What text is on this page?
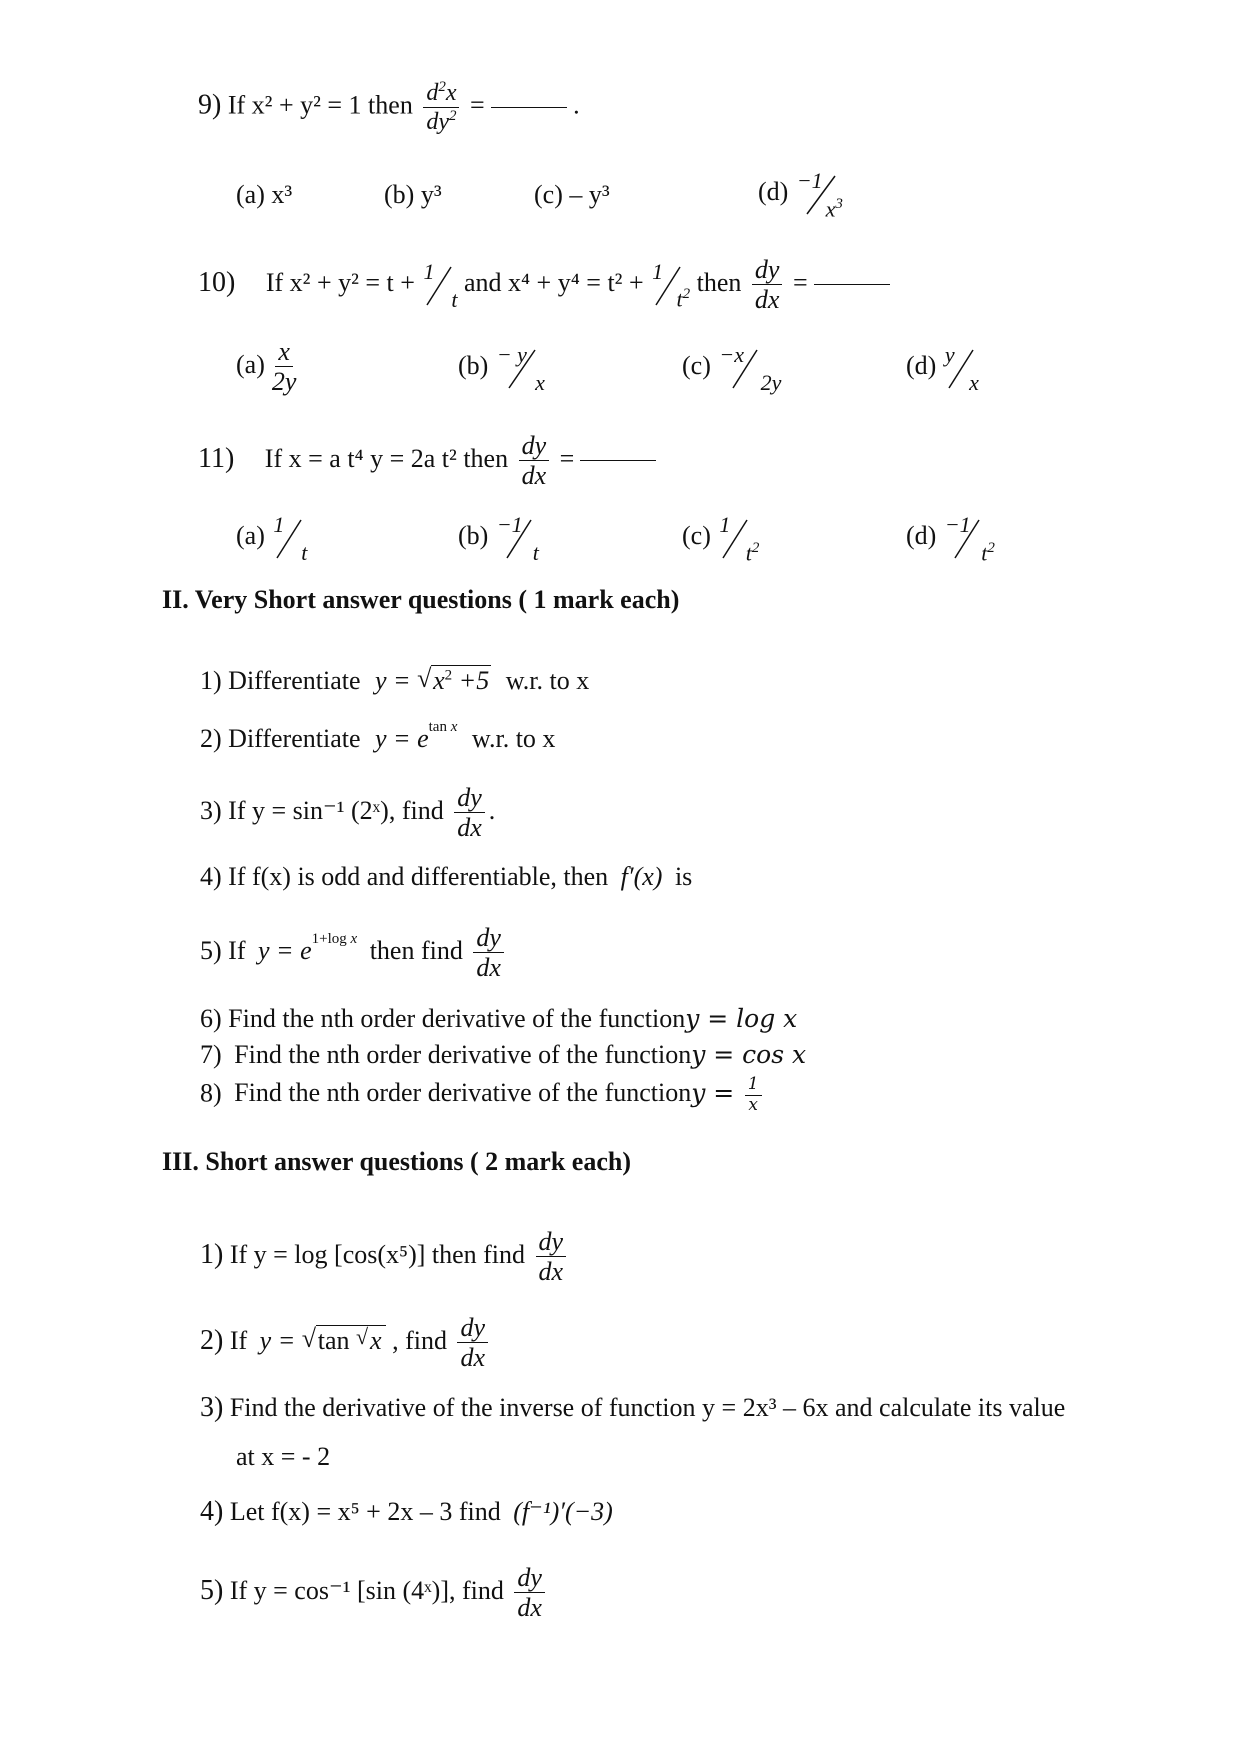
9) If x² + y² = 1 then $\frac{d^2x}{dy^2}$ =	.
(a) x³	(b) y³	(c) – y³	(d) −1
$x^3$
10) If x² + y² = t + 1
t
and x⁴ + y⁴ = t² + 1
$t^2$ then $\frac{dy}{dx}$ =
$(a) \frac{x}{2y}$	(b) − y
x
(c) −x
2y
(d) y
x
11) If x = a t⁴ y = 2a t² then $\frac{dy}{dx}$ =
(a) 1
t
(b) −1
t
(c) 1
$t^2$	(d) −1
$t^2$
II. Very Short answer questions ( 1 mark each)
1) Differentiate y = √ $x^2 +5$ w.r. to x
2) Differentiate $y = e^{tan x}$ w.r. to x
3) If y = sin⁻¹ (2ˣ), find $\frac{dy}{dx}$ .
4) If f(x) is odd and differentiable, then f′(x) is
5) If $y = e^{1+log x}$ then find $\frac{dy}{dx}$
6) Find the nth order derivative of the functiony = log x
7) Find the nth order derivative of the functiony = cos x
8) Find the nth order derivative of the functiony = $\frac{1}{x}$
III. Short answer questions ( 2 mark each)
1) If y = log [cos(x⁵)] then find $\frac{dy}{dx}$
2) If y = √ tan √ x , find $\frac{dy}{dx}$
3) Find the derivative of the inverse of function y = 2x³ – 6x and calculate its value
at x = - 2
4) Let f(x) = x⁵ + 2x – 3 find (f⁻¹)′(−3)
5) If y = cos⁻¹ [sin (4ˣ)], find $\frac{dy}{dx}$
